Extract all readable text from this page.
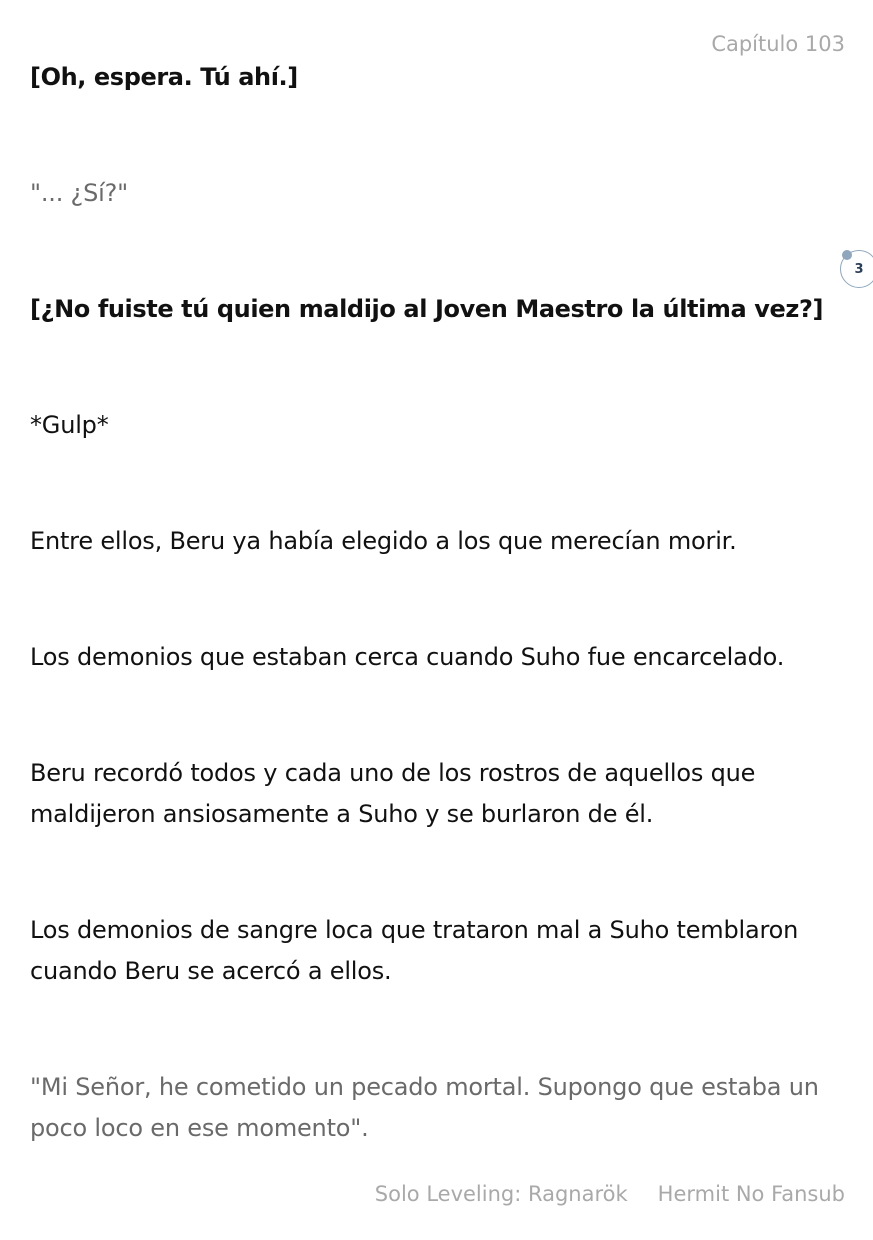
Capítulo 103
[Oh, espera. Tú ahí.]
"... ¿Sí?"
[¿No fuiste tú quien maldijo al Joven Maestro la última vez?]
*Gulp*
Entre ellos, Beru ya había elegido a los que merecían morir.
Los demonios que estaban cerca cuando Suho fue encarcelado.
Beru recordó todos y cada uno de los rostros de aquellos que maldijeron ansiosamente a Suho y se burlaron de él.
Los demonios de sangre loca que trataron mal a Suho temblaron cuando Beru se acercó a ellos.
"Mi Señor, he cometido un pecado mortal. Supongo que estaba un poco loco en ese momento".
3
Solo Leveling: Ragnarök Hermit No Fansub
